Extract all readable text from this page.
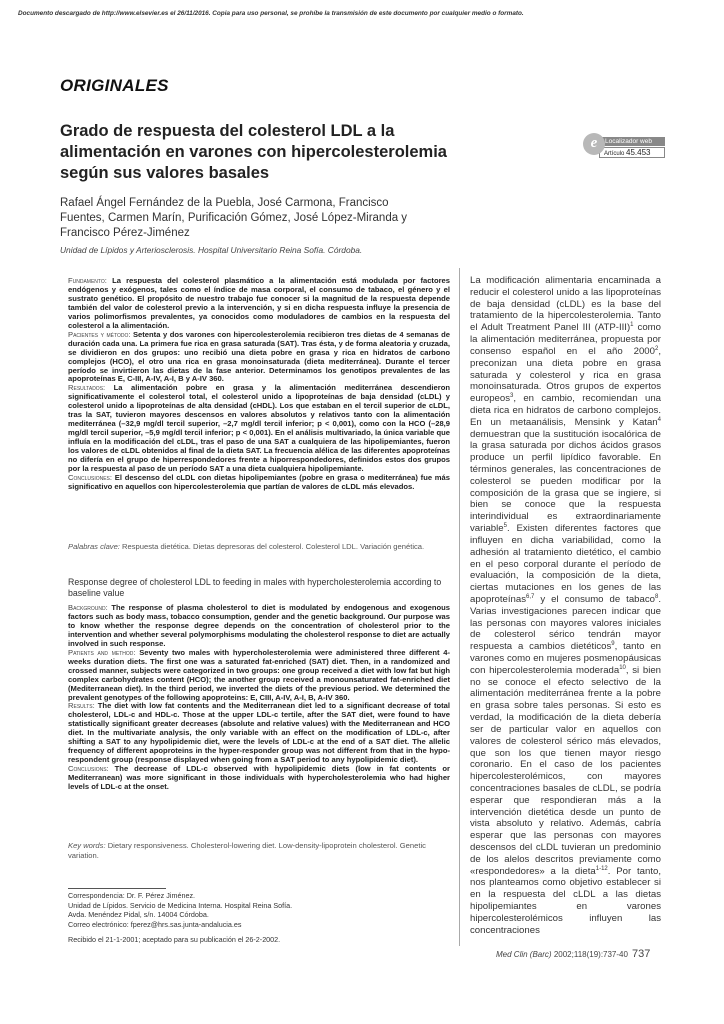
Documento descargado de http://www.elsevier.es el 26/11/2016. Copia para uso personal, se prohíbe la transmisión de este documento por cualquier medio o formato.
ORIGINALES
Grado de respuesta del colesterol LDL a la alimentación en varones con hipercolesterolemia según sus valores basales
Localizador web
Artículo 45.453
e
Rafael Ángel Fernández de la Puebla, José Carmona, Francisco Fuentes, Carmen Marín, Purificación Gómez, José López-Miranda y Francisco Pérez-Jiménez
Unidad de Lípidos y Arteriosclerosis. Hospital Universitario Reina Sofía. Córdoba.

Fundamento: La respuesta del colesterol plasmático a la alimentación está modulada por factores endógenos y exógenos, tales como el índice de masa corporal, el consumo de tabaco, el género y el sustrato genético. El propósito de nuestro trabajo fue conocer si la magnitud de la respuesta depende también del valor de colesterol previo a la intervención, y si en dicha respuesta influye la presencia de varios polimorfismos prevalentes, ya conocidos como moduladores de cambios en la respuesta del colesterol a la alimentación.

Pacientes y método: Setenta y dos varones con hipercolesterolemia recibieron tres dietas de 4 semanas de duración cada una. La primera fue rica en grasa saturada (SAT). Tras ésta, y de forma aleatoria y cruzada, se dividieron en dos grupos: uno recibió una dieta pobre en grasa y rica en hidratos de carbono complejos (HCO), el otro una rica en grasa monoinsaturada (dieta mediterránea). Durante el tercer período se invirtieron las dietas de la fase anterior. Determinamos los genotipos prevalentes de las apoproteínas E, C-III, A-IV, A-I, B y A-IV 360.

Resultados: La alimentación pobre en grasa y la alimentación mediterránea descendieron significativamente el colesterol total, el colesterol unido a lipoproteínas de baja densidad (cLDL) y colesterol unido a lipoproteínas de alta densidad (cHDL). Los que estaban en el tercil superior de cLDL, tras la SAT, tuvieron mayores descensos en valores absolutos y relativos tanto con la alimentación mediterránea (–32,9 mg/dl tercil superior, –2,7 mg/dl tercil inferior; p < 0,001), como con la HCO (–28,9 mg/dl tercil superior, –5,9 mg/dl tercil inferior; p < 0,001). En el análisis multivariado, la única variable que influía en la modificación del cLDL, tras el paso de una SAT a cualquiera de las hipolipemiantes, fueron los valores de cLDL obtenidos al final de la dieta SAT. La frecuencia alélica de las diferentes apoproteínas no difería en el grupo de hiperrespondedores frente a hiporrespondedores, definidos estos dos grupos por la respuesta al paso de un período SAT a una dieta cualquiera hipolipemiante.

Conclusiones: El descenso del cLDL con dietas hipolipemiantes (pobre en grasa o mediterránea) fue más significativo en aquellos con hipercolesterolemia que partían de valores de cLDL más elevados.

Palabras clave: Respuesta dietética. Dietas depresoras del colesterol. Colesterol LDL. Variación genética.
Response degree of cholesterol LDL to feeding in males with hypercholesterolemia according to baseline value

Background: The response of plasma cholesterol to diet is modulated by endogenous and exogenous factors such as body mass, tobacco consumption, gender and the genetic background. Our purpose was to know whether the response degree depends on the concentration of cholesterol prior to the intervention and whether several polymorphisms modulating the cholesterol response to diet are actually involved in such response.

Patients and method: Seventy two males with hypercholesterolemia were administered three different 4-weeks duration diets. The first one was a saturated fat-enriched (SAT) diet. Then, in a randomized and crossed manner, subjects were categorized in two groups: one group received a diet with low fat but high complex carbohydrates content (HCO); the another group received a monounsaturated fat-enriched diet (Mediterranean diet). In the third period, we inverted the diets of the previous period. We determined the prevalent genotypes of the following apoproteins: E, CIII, A-IV, A-I, B, A-IV 360.

Results: The diet with low fat contents and the Mediterranean diet led to a significant decrease of total cholesterol, LDL-c and HDL-c. Those at the upper LDL-c tertile, after the SAT diet, were found to have statistically significant greater decreases (absolute and relative values) with the Mediterranean and HCO diet. In the multivariate analysis, the only variable with an effect on the modification of LDL-c, after shifting a SAT to any hypolipidemic diet, were the levels of LDL-c at the end of a SAT diet. The allelic frequency of different apoproteins in the hyper-responder group was not different from that in the hypo-respondent group (response displayed when going from a SAT period to any hypolipidemic diet).

Conclusions: The decrease of LDL-c observed with hypolipidemic diets (low in fat contents or Mediterranean) was more significant in those individuals with hypercholesterolemia who had higher levels of LDL-c at the onset.

Key words: Dietary responsiveness. Cholesterol-lowering diet. Low-density-lipoprotein cholesterol. Genetic variation.
Correspondencia: Dr. F. Pérez Jiménez.
Unidad de Lípidos. Servicio de Medicina Interna. Hospital Reina Sofía.
Avda. Menéndez Pidal, s/n. 14004 Córdoba.
Correo electrónico: fperez@hrs.sas.junta-andalucia.es
Recibido el 21-1-2001; aceptado para su publicación el 26-2-2002.
La modificación alimentaria encaminada a reducir el colesterol unido a las lipoproteínas de baja densidad (cLDL) es la base del tratamiento de la hipercolesterolemia. Tanto el Adult Treatment Panel III $(ATP-III)^1$ como la alimentación mediterránea, propuesta por consenso español en el año 2000$^2$, preconizan una dieta pobre en grasa saturada y colesterol y rica en grasa monoinsaturada. Otros grupos de expertos europeos$^3$, en cambio, recomiendan una dieta rica en hidratos de carbono complejos. En un metaanálisis, Mensink y Katan$^4$ demuestran que la sustitución isocalórica de la grasa saturada por dichos ácidos grasos produce un perfil lipídico favorable. En términos generales, las concentraciones de colesterol se pueden modificar por la composición de la grasa que se ingiere, si bien se conoce que la respuesta interindividual es extraordinariamente variable$^5$. Existen diferentes factores que influyen en dicha variabilidad, como la adhesión al tratamiento dietético, el cambio en el peso corporal durante el período de evaluación, la composición de la dieta, ciertas mutaciones en los genes de las apoproteínas$^{6,7}$ y el consumo de tabaco$^8$. Varias investigaciones parecen indicar que las personas con mayores valores iniciales de colesterol sérico tendrán mayor respuesta a cambios dietéticos$^9$, tanto en varones como en mujeres posmenopáusicas con hipercolesterolemia moderada$^{10}$, si bien no se conoce el efecto selectivo de la alimentación mediterránea frente a la pobre en grasa sobre tales personas. Si esto es verdad, la modificación de la dieta debería ser de particular valor en aquellos con valores de colesterol sérico más elevados, que son los que tienen mayor riesgo coronario. En el caso de los pacientes hipercolesterolémicos, con mayores concentraciones basales de cLDL, se podría esperar que respondieran más a la intervención dietética desde un punto de vista absoluto y relativo. Además, cabría esperar que las personas con mayores descensos del cLDL tuvieran un predominio de los alelos descritos previamente como «respondedores» a la dieta$^{1-12}$. Por tanto, nos planteamos como objetivo establecer si en la respuesta del cLDL a las dietas hipolipemiantes en varones hipercolesterolémicos influyen las concentraciones
Med Clin (Barc) 2002;118(19):737-40 737
